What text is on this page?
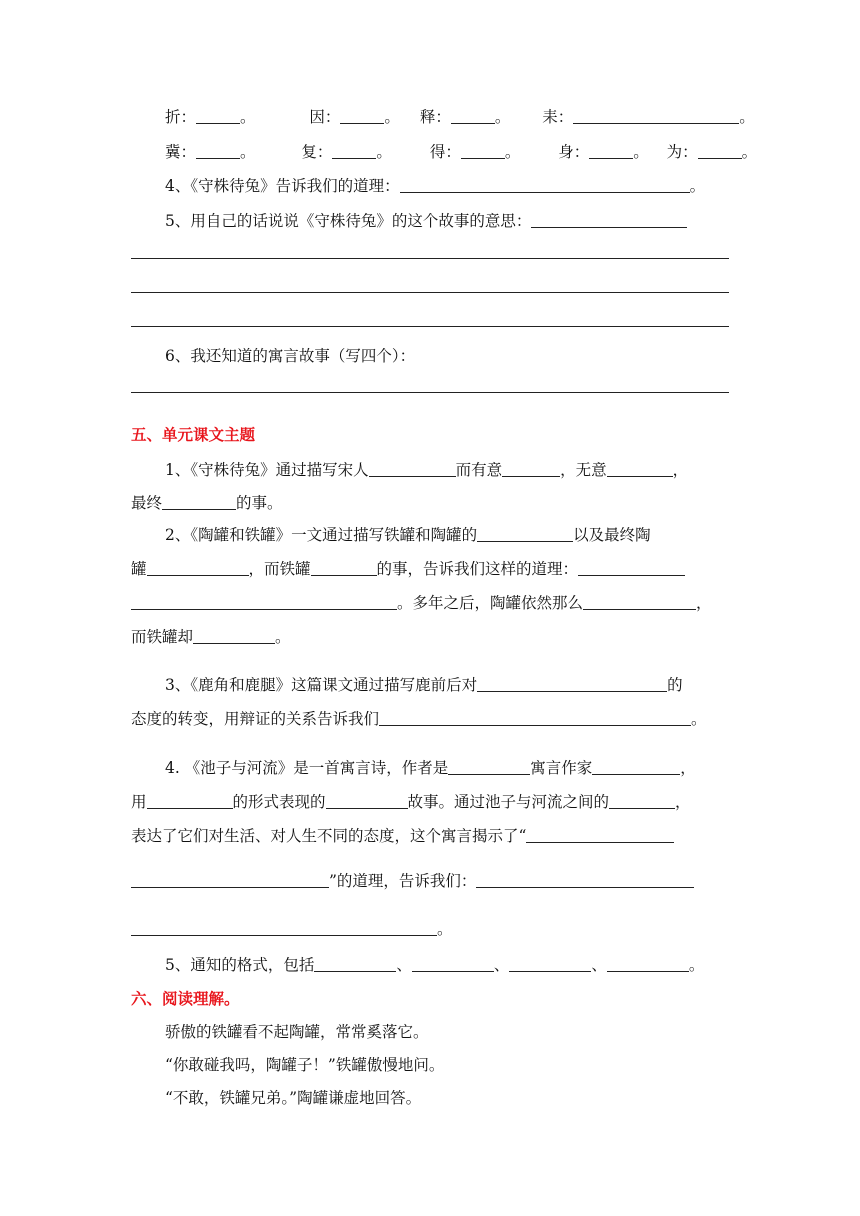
折：	。	因：	。 释：	。 耒：	。
冀：	。	复：	。 得：	。 身：	。 为：	。
4、《守株待兔》告诉我们的道理：	。
5、用自己的话说说《守株待兔》的这个故事的意思：
6、我还知道的寓言故事（写四个）：
五、单元课文主题
1、《守株待兔》通过描写宋人	而有意	，无意	，
最终	的事。
2、《陶罐和铁罐》一文通过描写铁罐和陶罐的	以及最终陶
罐	，而铁罐	的事，告诉我们这样的道理：
。多年之后，陶罐依然那么	，
而铁罐却	。
3、《鹿角和鹿腿》这篇课文通过描写鹿前后对	的
态度的转变，用辩证的关系告诉我们	。
4. 《池子与河流》是一首寓言诗，作者是	寓言作家	，
用	的形式表现的	故事。通过池子与河流之间的	，
表达了它们对生活、对人生不同的态度，这个寓言揭示了“
”的道理，告诉我们：
。
5、通知的格式，包括	、	、	、	。
六、阅读理解。
骄傲的铁罐看不起陶罐，常常奚落它。
“你敢碰我吗，陶罐子！”铁罐傲慢地问。
“不敢，铁罐兄弟。”陶罐谦虚地回答。
